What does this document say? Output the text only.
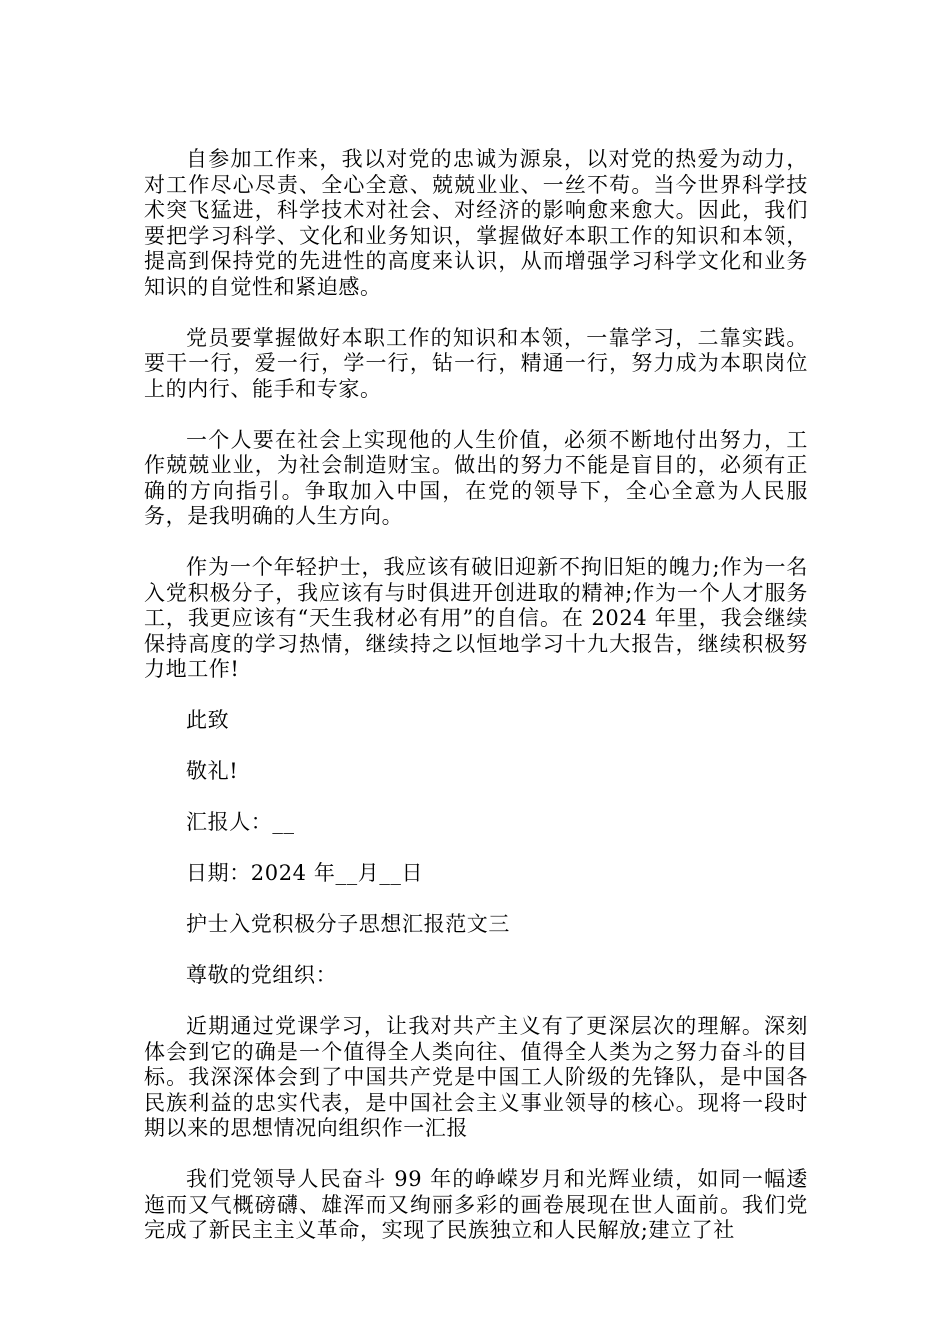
自参加工作来，我以对党的忠诚为源泉，以对党的热爱为动力，对工作尽心尽责、全心全意、兢兢业业、一丝不苟。当今世界科学技术突飞猛进，科学技术对社会、对经济的影响愈来愈大。因此，我们要把学习科学、文化和业务知识，掌握做好本职工作的知识和本领，提高到保持党的先进性的高度来认识，从而增强学习科学文化和业务知识的自觉性和紧迫感。

党员要掌握做好本职工作的知识和本领，一靠学习，二靠实践。要干一行，爱一行，学一行，钻一行，精通一行，努力成为本职岗位上的内行、能手和专家。

一个人要在社会上实现他的人生价值，必须不断地付出努力，工作兢兢业业，为社会制造财宝。做出的努力不能是盲目的，必须有正确的方向指引。争取加入中国，在党的领导下，全心全意为人民服务，是我明确的人生方向。

作为一个年轻护士，我应该有破旧迎新不拘旧矩的魄力;作为一名入党积极分子，我应该有与时俱进开创进取的精神;作为一个人才服务工，我更应该有“天生我材必有用”的自信。在 2024 年里，我会继续保持高度的学习热情，继续持之以恒地学习十九大报告，继续积极努力地工作!

此致

敬礼!

汇报人：__

日期：2024 年__月__日

护士入党积极分子思想汇报范文三

尊敬的党组织：

近期通过党课学习，让我对共产主义有了更深层次的理解。深刻体会到它的确是一个值得全人类向往、值得全人类为之努力奋斗的目标。我深深体会到了中国共产党是中国工人阶级的先锋队，是中国各民族利益的忠实代表，是中国社会主义事业领导的核心。现将一段时期以来的思想情况向组织作一汇报

我们党领导人民奋斗 99 年的峥嵘岁月和光辉业绩，如同一幅逶迤而又气概磅礴、雄浑而又绚丽多彩的画卷展现在世人面前。我们党完成了新民主主义革命，实现了民族独立和人民解放;建立了社
